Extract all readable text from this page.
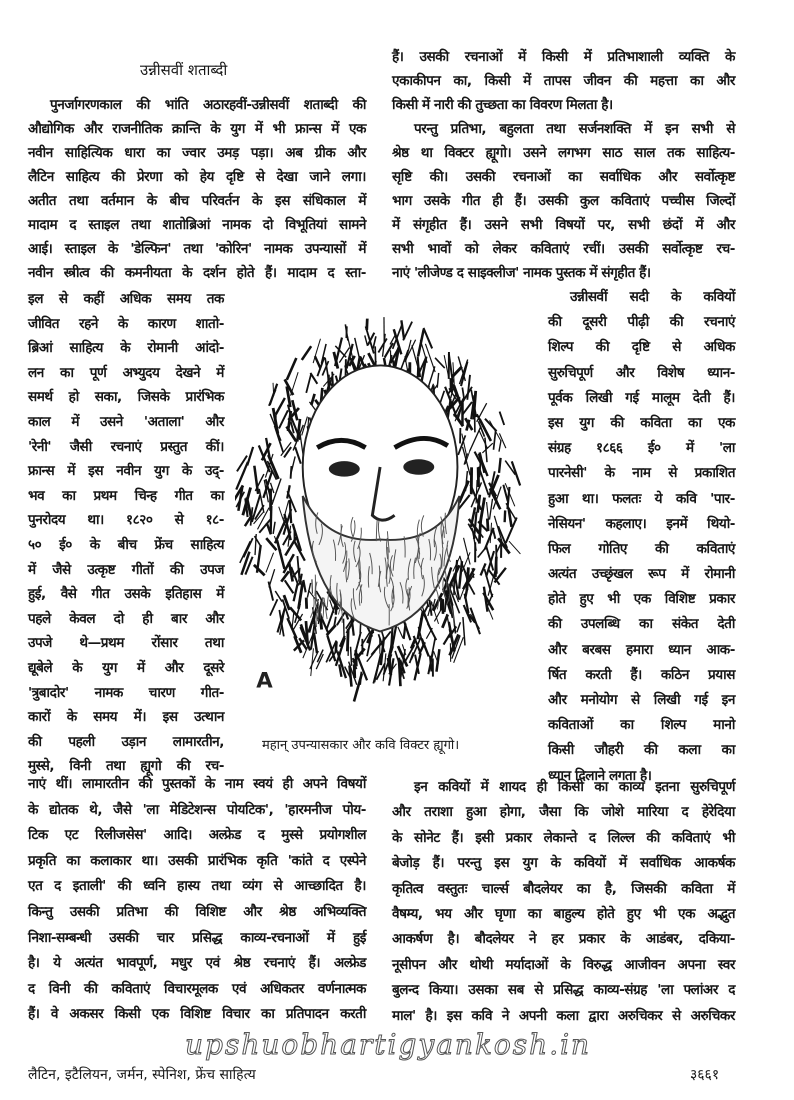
उन्नीसवीं शताब्दी
पुनर्जागरणकाल की भांति अठारहवीं-उन्नीसवीं शताब्दी की
औद्योगिक और राजनीतिक क्रान्ति के युग में भी फ्रान्स में एक
नवीन साहित्यिक धारा का ज्वार उमड़ पड़ा। अब ग्रीक और
लैटिन साहित्य की प्रेरणा को हेय दृष्टि से देखा जाने लगा।
अतीत तथा वर्तमान के बीच परिवर्तन के इस संधिकाल में
मादाम द स्ताइल तथा शातोब्रिआं नामक दो विभूतियां सामने
आई। स्ताइल के 'डेल्फिन' तथा 'कोरिन' नामक उपन्यासों में
नवीन स्त्रीत्व की कमनीयता के दर्शन होते हैं। मादाम द स्ता-
इल से कहीं अधिक समय तक
जीवित रहने के कारण शातो-
ब्रिआं साहित्य के रोमानी आंदो-
लन का पूर्ण अभ्युदय देखने में
समर्थ हो सका, जिसके प्रारंभिक
काल में उसने 'अताला' और
'रेनी' जैसी रचनाएं प्रस्तुत कीं।
फ्रान्स में इस नवीन युग के उद्-
भव का प्रथम चिन्ह गीत का
पुनरोदय था। १८२० से १८-
५० ई० के बीच फ्रेंच साहित्य
में जैसे उत्कृष्ट गीतों की उपज
हुई, वैसे गीत उसके इतिहास में
पहले केवल दो ही बार और
उपजे थे—प्रथम रोंसार तथा
द्यूबेले के युग में और दूसरे
'त्रुबादोर' नामक चारण गीत-
कारों के समय में। इस उत्थान
की पहली उड़ान लामारतीन,
मुस्से, विनी तथा ह्यूगो की रच-
नाएं थीं। लामारतीन की पुस्तकों के नाम स्वयं ही अपने विषयों
के द्योतक थे, जैसे 'ला मेडिटेशन्स पोयटिक', 'हारमनीज पोय-
टिक एट रिलीजसेस' आदि। अल्फ्रेड द मुस्से प्रयोगशील
प्रकृति का कलाकार था। उसकी प्रारंभिक कृति 'कांते द एस्पेने
एत द इताली' की ध्वनि हास्य तथा व्यंग से आच्छादित है।
किन्तु उसकी प्रतिभा की विशिष्ट और श्रेष्ठ अभिव्यक्ति
निशा-सम्बन्धी उसकी चार प्रसिद्ध काव्य-रचनाओं में हुई
है। ये अत्यंत भावपूर्ण, मधुर एवं श्रेष्ठ रचनाएं हैं। अल्फ्रेड
द विनी की कविताएं विचारमूलक एवं अधिकतर वर्णनात्मक
हैं। वे अकसर किसी एक विशिष्ट विचार का प्रतिपादन करती
हैं। उसकी रचनाओं में किसी में प्रतिभाशाली व्यक्ति के
एकाकीपन का, किसी में तापस जीवन की महत्ता का और
किसी में नारी की तुच्छता का विवरण मिलता है।
परन्तु प्रतिभा, बहुलता तथा सर्जनशक्ति में इन सभी से
श्रेष्ठ था विक्टर ह्यूगो। उसने लगभग साठ साल तक साहित्य-
सृष्टि की। उसकी रचनाओं का सर्वाधिक और सर्वोत्कृष्ट
भाग उसके गीत ही हैं। उसकी कुल कविताएं पच्चीस जिल्दों
में संगृहीत हैं। उसने सभी विषयों पर, सभी छंदों में और
सभी भावों को लेकर कविताएं रचीं। उसकी सर्वोत्कृष्ट रच-
नाएं 'लीजेण्ड द साइक्लीज' नामक पुस्तक में संगृहीत हैं।
उन्नीसवीं सदी के कवियों
की दूसरी पीढ़ी की रचनाएं
शिल्प की दृष्टि से अधिक
सुरुचिपूर्ण और विशेष ध्यान-
पूर्वक लिखी गई मालूम देती हैं।
इस युग की कविता का एक
संग्रह १८६६ ई० में 'ला
पारनेसी' के नाम से प्रकाशित
हुआ था। फलतः ये कवि 'पार-
नेसियन' कहलाए। इनमें थियो-
फिल गोतिए की कविताएं
अत्यंत उच्छृंखल रूप में रोमानी
होते हुए भी एक विशिष्ट प्रकार
की उपलब्धि का संकेत देती
और बरबस हमारा ध्यान आक-
र्षित करती हैं। कठिन प्रयास
और मनोयोग से लिखी गई इन
कविताओं का शिल्प मानो
किसी जौहरी की कला का
ध्यान दिलाने लगता है।
इन कवियों में शायद ही किसी का काव्य इतना सुरुचिपूर्ण
और तराशा हुआ होगा, जैसा कि जोशे मारिया द हेरेदिया
के सोनेट हैं। इसी प्रकार लेकान्ते द लिल्ल की कविताएं भी
बेजोड़ हैं। परन्तु इस युग के कवियों में सर्वाधिक आकर्षक
कृतित्व वस्तुतः चार्ल्स बौदलेयर का है, जिसकी कविता में
वैषम्य, भय और घृणा का बाहुल्य होते हुए भी एक अद्भुत
आकर्षण है। बौदलेयर ने हर प्रकार के आडंबर, दकिया-
नूसीपन और थोथी मर्यादाओं के विरुद्ध आजीवन अपना स्वर
बुलन्द किया। उसका सब से प्रसिद्ध काव्य-संग्रह 'ला फ्लांअर द
माल' है। इस कवि ने अपनी कला द्वारा अरुचिकर से अरुचिकर
A
महान् उपन्यासकार और कवि विक्टर ह्यूगो।
upshuobhartigyankosh.in
लैटिन, इटैलियन, जर्मन, स्पेनिश, फ्रेंच साहित्य	३६६१
